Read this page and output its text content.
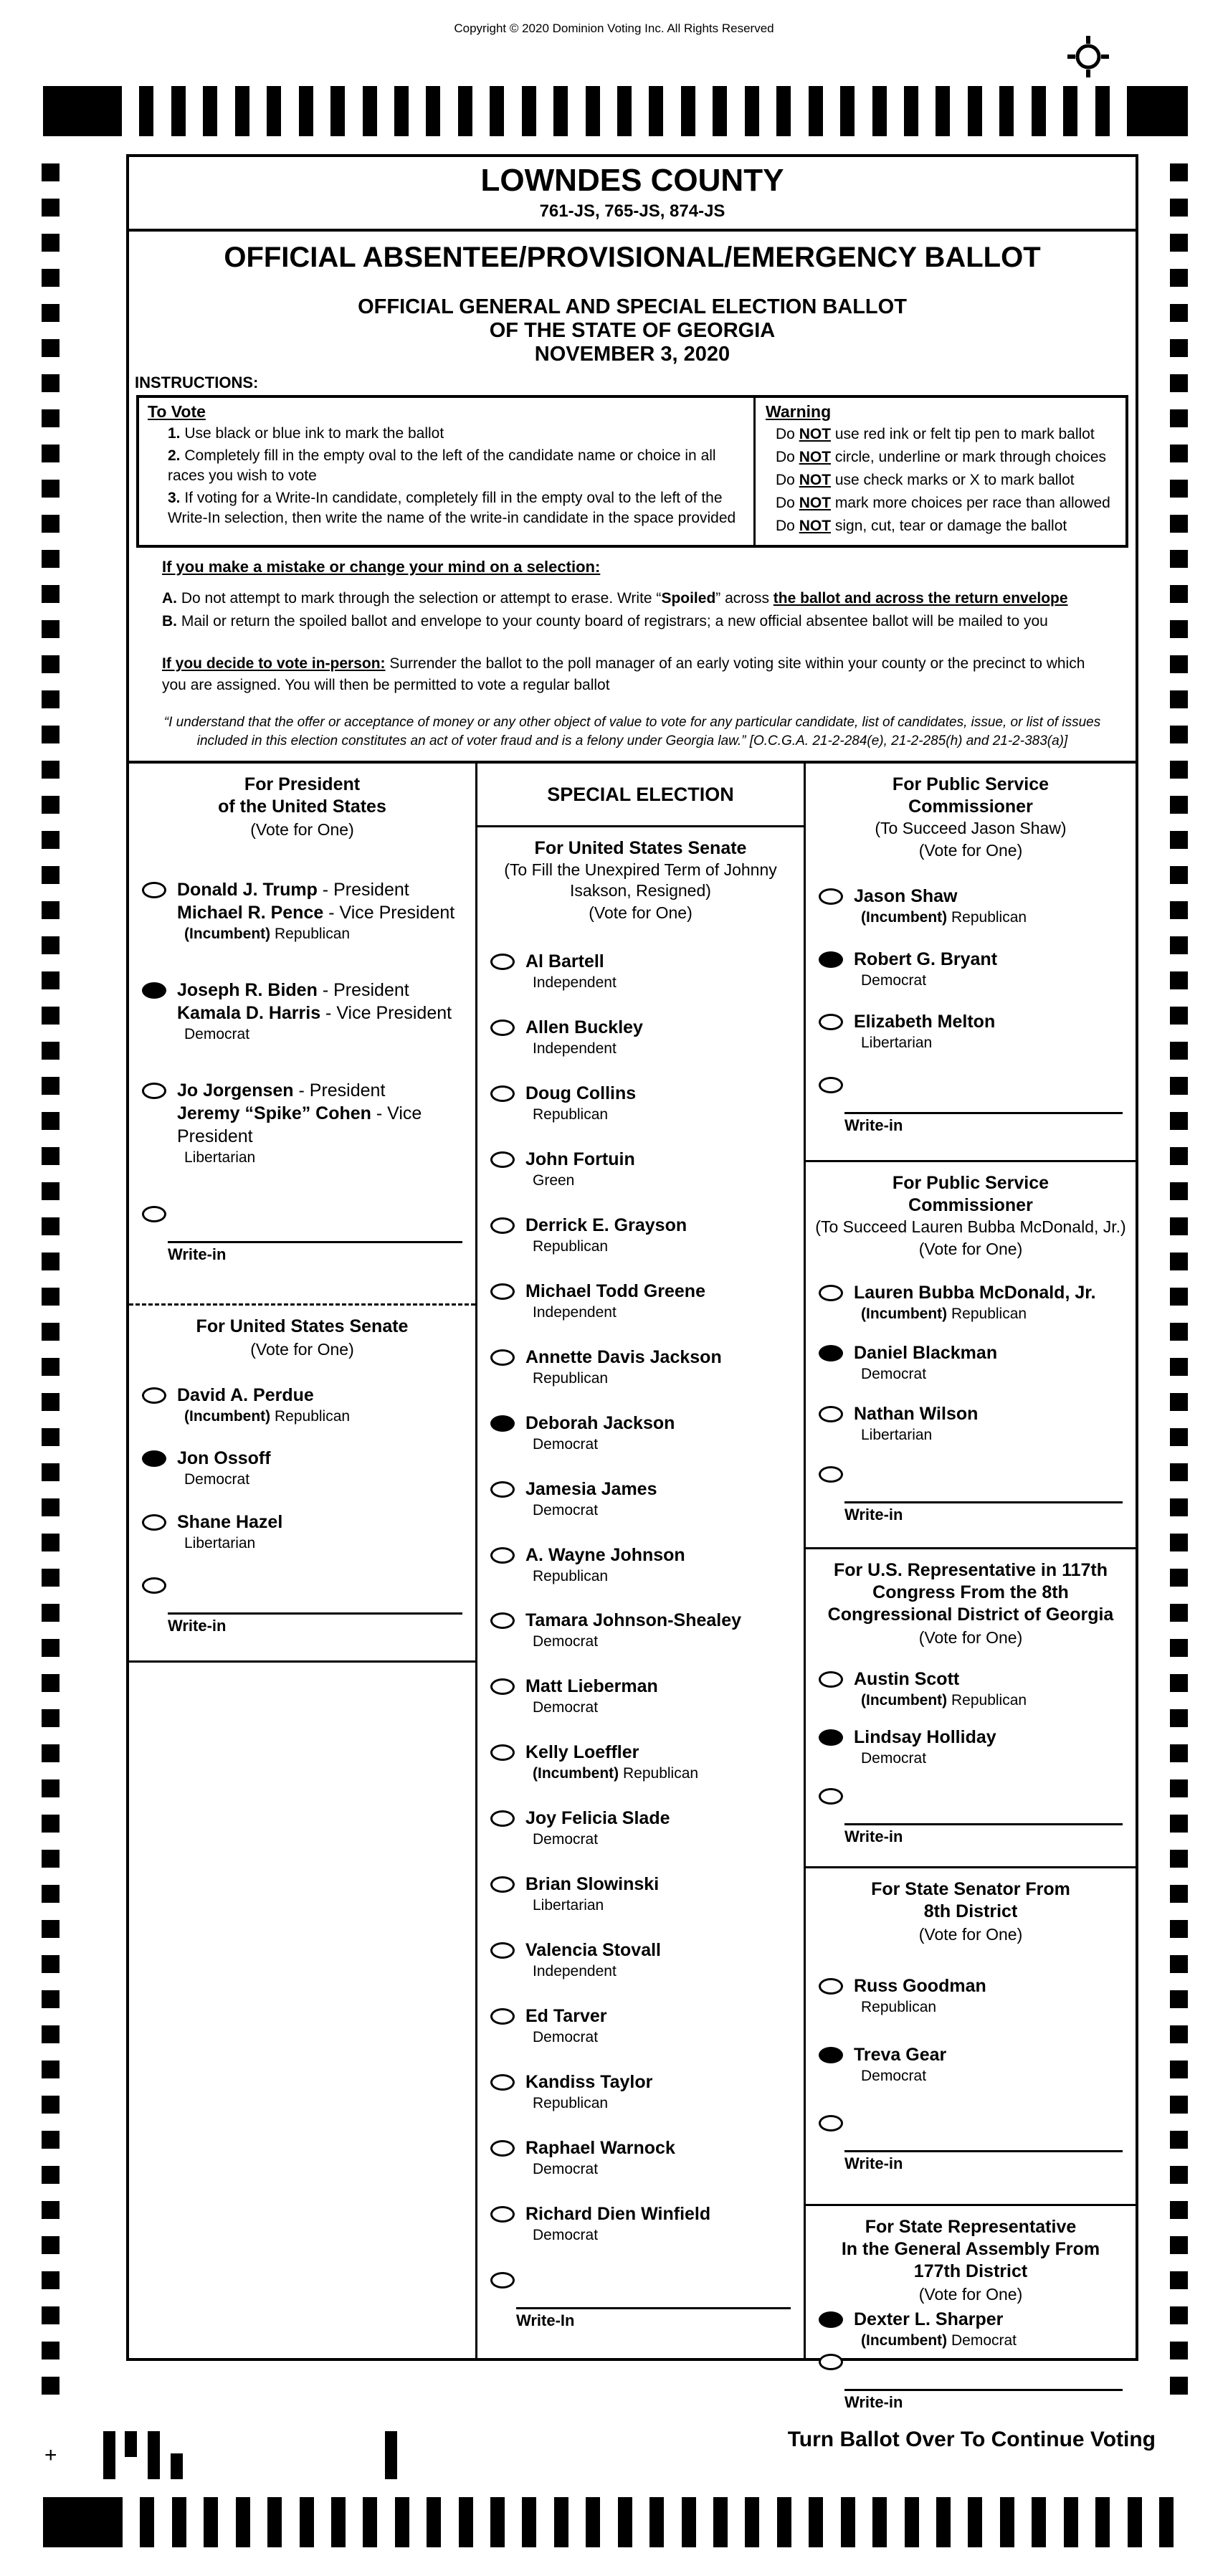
Copyright © 2020 Dominion Voting Inc. All Rights Reserved
LOWNDES COUNTY
761-JS, 765-JS, 874-JS
OFFICIAL ABSENTEE/PROVISIONAL/EMERGENCY BALLOT
OFFICIAL GENERAL AND SPECIAL ELECTION BALLOT
OF THE STATE OF GEORGIA
NOVEMBER 3, 2020
INSTRUCTIONS:
To Vote
1. Use black or blue ink to mark the ballot
2. Completely fill in the empty oval to the left of the candidate name or choice in all races you wish to vote
3. If voting for a Write-In candidate, completely fill in the empty oval to the left of the Write-In selection, then write the name of the write-in candidate in the space provided
Warning
Do NOT use red ink or felt tip pen to mark ballot
Do NOT circle, underline or mark through choices
Do NOT use check marks or X to mark ballot
Do NOT mark more choices per race than allowed
Do NOT sign, cut, tear or damage the ballot
If you make a mistake or change your mind on a selection:
A. Do not attempt to mark through the selection or attempt to erase. Write “Spoiled” across the ballot and across the return envelope
B. Mail or return the spoiled ballot and envelope to your county board of registrars; a new official absentee ballot will be mailed to you
If you decide to vote in-person: Surrender the ballot to the poll manager of an early voting site within your county or the precinct to which you are assigned. You will then be permitted to vote a regular ballot
“I understand that the offer or acceptance of money or any other object of value to vote for any particular candidate, list of candidates, issue, or list of issues included in this election constitutes an act of voter fraud and is a felony under Georgia law.” [O.C.G.A. 21-2-284(e), 21-2-285(h) and 21-2-383(a)]
For President
of the United States
(Vote for One)
Donald J. Trump - President
Michael R. Pence - Vice President
(Incumbent) Republican
Joseph R. Biden - President
Kamala D. Harris - Vice President
Democrat
Jo Jorgensen - President
Jeremy “Spike” Cohen - Vice President
Libertarian
Write-in
For United States Senate
(Vote for One)
David A. Perdue
(Incumbent) Republican
Jon Ossoff
Democrat
Shane Hazel
Libertarian
Write-in
SPECIAL ELECTION
For United States Senate
(To Fill the Unexpired Term of Johnny
Isakson, Resigned)
(Vote for One)
Al Bartell
Independent
Allen Buckley
Independent
Doug Collins
Republican
John Fortuin
Green
Derrick E. Grayson
Republican
Michael Todd Greene
Independent
Annette Davis Jackson
Republican
Deborah Jackson
Democrat
Jamesia James
Democrat
A. Wayne Johnson
Republican
Tamara Johnson-Shealey
Democrat
Matt Lieberman
Democrat
Kelly Loeffler
(Incumbent) Republican
Joy Felicia Slade
Democrat
Brian Slowinski
Libertarian
Valencia Stovall
Independent
Ed Tarver
Democrat
Kandiss Taylor
Republican
Raphael Warnock
Democrat
Richard Dien Winfield
Democrat
Write-In
For Public Service
Commissioner
(To Succeed Jason Shaw)
(Vote for One)
Jason Shaw
(Incumbent) Republican
Robert G. Bryant
Democrat
Elizabeth Melton
Libertarian
Write-in
For Public Service
Commissioner
(To Succeed Lauren Bubba McDonald, Jr.)
(Vote for One)
Lauren Bubba McDonald, Jr.
(Incumbent) Republican
Daniel Blackman
Democrat
Nathan Wilson
Libertarian
Write-in
For U.S. Representative in 117th
Congress From the 8th
Congressional District of Georgia
(Vote for One)
Austin Scott
(Incumbent) Republican
Lindsay Holliday
Democrat
Write-in
For State Senator From
8th District
(Vote for One)
Russ Goodman
Republican
Treva Gear
Democrat
Write-in
For State Representative
In the General Assembly From
177th District
(Vote for One)
Dexter L. Sharper
(Incumbent) Democrat
Write-in
+	45	Turn Ballot Over To Continue Voting
